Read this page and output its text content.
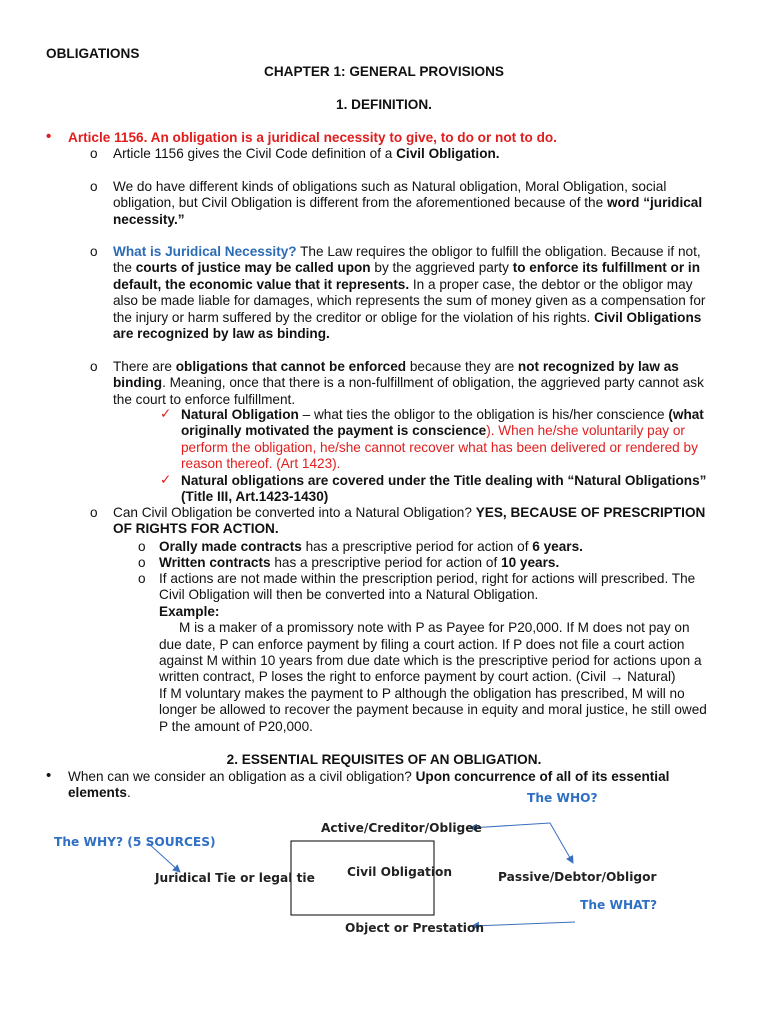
OBLIGATIONS
CHAPTER 1: GENERAL PROVISIONS
1. DEFINITION.
• Article 1156. An obligation is a juridical necessity to give, to do or not to do.
o Article 1156 gives the Civil Code definition of a Civil Obligation.
o We do have different kinds of obligations such as Natural obligation, Moral Obligation, social
obligation, but Civil Obligation is different from the aforementioned because of the word “juridical
necessity.”
o What is Juridical Necessity? The Law requires the obligor to fulfill the obligation. Because if not,
the courts of justice may be called upon by the aggrieved party to enforce its fulfillment or in
default, the economic value that it represents. In a proper case, the debtor or the obligor may
also be made liable for damages, which represents the sum of money given as a compensation for
the injury or harm suffered by the creditor or oblige for the violation of his rights. Civil Obligations
are recognized by law as binding.
o There are obligations that cannot be enforced because they are not recognized by law as
binding. Meaning, once that there is a non-fulfillment of obligation, the aggrieved party cannot ask
the court to enforce fulfillment.
✓ Natural Obligation – what ties the obligor to the obligation is his/her conscience (what
originally motivated the payment is conscience). When he/she voluntarily pay or
perform the obligation, he/she cannot recover what has been delivered or rendered by
reason thereof. (Art 1423).
✓ Natural obligations are covered under the Title dealing with “Natural Obligations”
(Title III, Art.1423-1430)
o Can Civil Obligation be converted into a Natural Obligation? YES, BECAUSE OF PRESCRIPTION
OF RIGHTS FOR ACTION.
o Orally made contracts has a prescriptive period for action of 6 years.
o Written contracts has a prescriptive period for action of 10 years.
o If actions are not made within the prescription period, right for actions will prescribed. The
Civil Obligation will then be converted into a Natural Obligation.
Example:
M is a maker of a promissory note with P as Payee for P20,000. If M does not pay on
due date, P can enforce payment by filing a court action. If P does not file a court action
against M within 10 years from due date which is the prescriptive period for actions upon a
written contract, P loses the right to enforce payment by court action. (Civil → Natural)
If M voluntary makes the payment to P although the obligation has prescribed, M will no
longer be allowed to recover the payment because in equity and moral justice, he still owed
P the amount of P20,000.
2. ESSENTIAL REQUISITES OF AN OBLIGATION.
• When can we consider an obligation as a civil obligation? Upon concurrence of all of its essential
elements.	The WHO?
Active/Creditor/Obligee
The WHY? (5 SOURCES)
Civil Obligation
Juridical Tie or legal tie	Passive/Debtor/Obligor
The WHAT?
Object or Prestation
